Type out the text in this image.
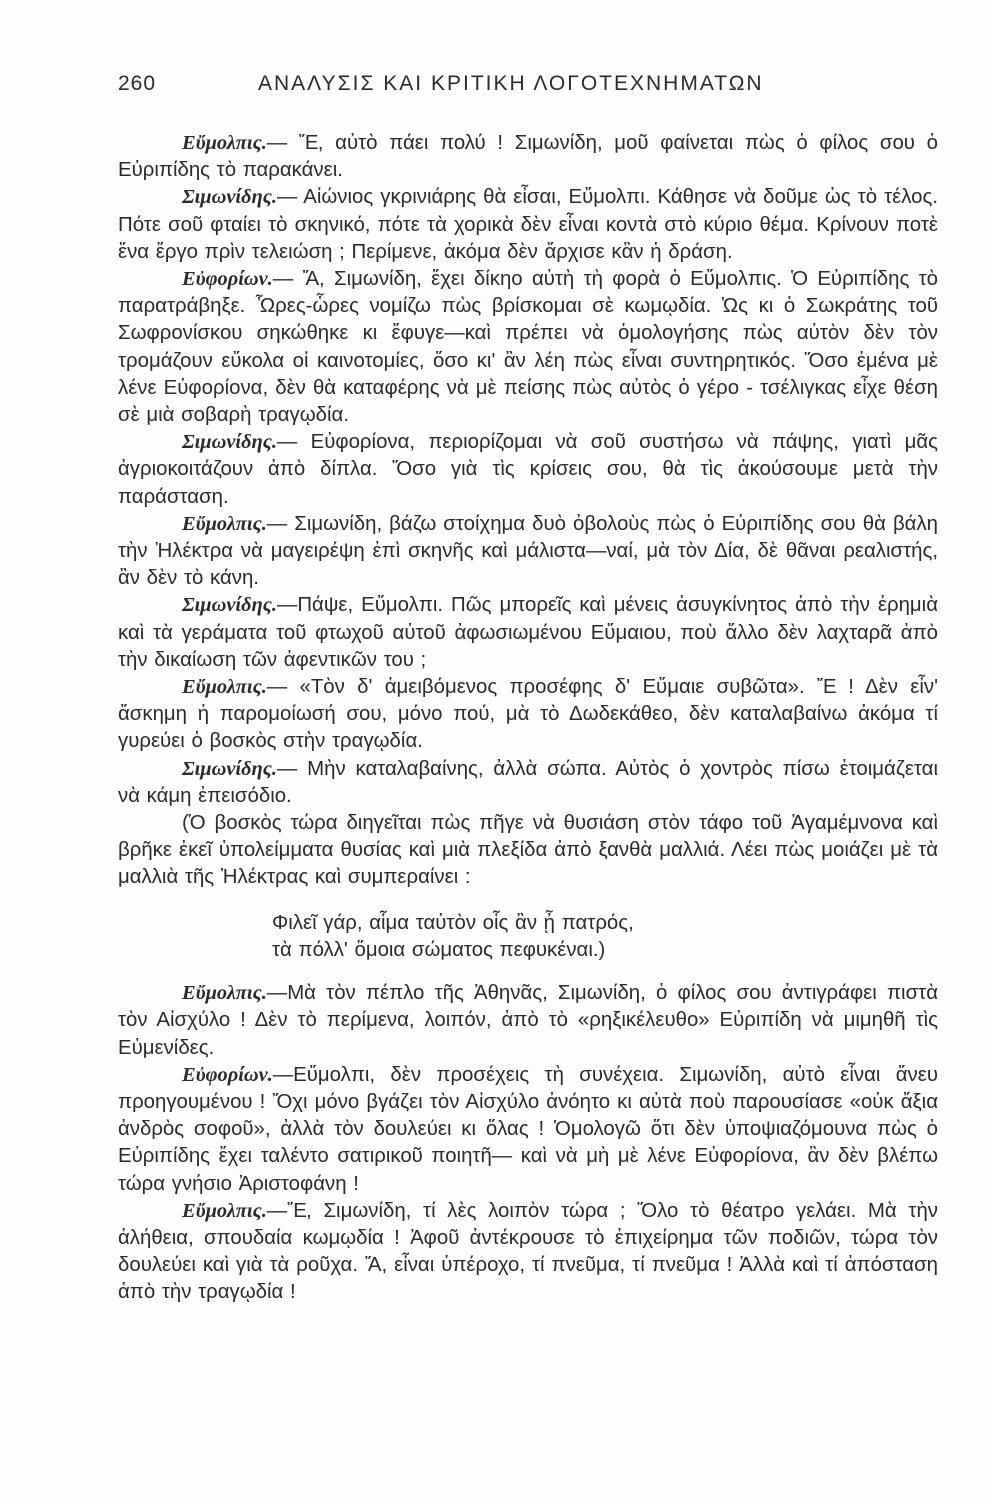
260	ΑΝΑΛΥΣΙΣ ΚΑΙ ΚΡΙΤΙΚΗ ΛΟΓΟΤΕΧΝΗΜΑΤΩΝ

Εὔμολπις.— Ἔ, αὐτὸ πάει πολύ ! Σιμωνίδη, μοῦ φαίνεται πὼς ὁ φίλος σου ὁ Εὐριπίδης τὸ παρακάνει.

Σιμωνίδης.— Αἰώνιος γκρινιάρης θὰ εἶσαι, Εὔμολπι. Κάθησε νὰ δοῦμε ὡς τὸ τέλος. Πότε σοῦ φταίει τὸ σκηνικό, πότε τὰ χορικὰ δὲν εἶναι κοντὰ στὸ κύριο θέμα. Κρίνουν ποτὲ ἕνα ἔργο πρὶν τελειώση ; Περίμενε, ἀκόμα δὲν ἄρχισε κἂν ἡ δράση.

Εὐφορίων.— Ἄ, Σιμωνίδη, ἔχει δίκηο αὐτὴ τὴ φορὰ ὁ Εὔμολπις. Ὁ Εὐριπίδης τὸ παρατράβηξε. Ὧρες-ὧρες νομίζω πὼς βρίσκομαι σὲ κωμῳδία. Ὡς κι ὁ Σωκράτης τοῦ Σωφρονίσκου σηκώθηκε κι ἔφυγε—καὶ πρέπει νὰ ὁμολογήσης πὼς αὐτὸν δὲν τὸν τρομάζουν εὔκολα οἱ καινοτομίες, ὅσο κι' ἂν λέη πὼς εἶναι συντηρητικός. Ὅσο ἐμένα μὲ λένε Εὐφορίονα, δὲν θὰ καταφέρης νὰ μὲ πείσης πὼς αὐτὸς ὁ γέρο - τσέλιγκας εἶχε θέση σὲ μιὰ σοβαρὴ τραγῳδία.

Σιμωνίδης.— Εὐφορίονα, περιορίζομαι νὰ σοῦ συστήσω νὰ πάψης, γιατὶ μᾶς ἀγριοκοιτάζουν ἀπὸ δίπλα. Ὅσο γιὰ τὶς κρίσεις σου, θὰ τὶς ἀκούσουμε μετὰ τὴν παράσταση.

Εὔμολπις.— Σιμωνίδη, βάζω στοίχημα δυὸ ὀβολοὺς πὼς ὁ Εὐριπίδης σου θὰ βάλη τὴν Ἠλέκτρα νὰ μαγειρέψη ἐπὶ σκηνῆς καὶ μάλιστα—ναί, μὰ τὸν Δία, δὲ θᾶναι ρεαλιστής, ἂν δὲν τὸ κάνη.

Σιμωνίδης.—Πάψε, Εὔμολπι. Πῶς μπορεῖς καὶ μένεις ἀσυγκίνητος ἀπὸ τὴν ἐρημιὰ καὶ τὰ γεράματα τοῦ φτωχοῦ αὐτοῦ ἀφωσιωμένου Εὔμαιου, ποὺ ἄλλο δὲν λαχταρᾶ ἀπὸ τὴν δικαίωση τῶν ἀφεντικῶν του ;

Εὔμολπις.— «Τὸν δ' ἀμειβόμενος προσέφης δ' Εὔμαιε συβῶτα». Ἔ ! Δὲν εἶν' ἄσκημη ἡ παρομοίωσή σου, μόνο πού, μὰ τὸ Δωδεκάθεο, δὲν καταλαβαίνω ἀκόμα τί γυρεύει ὁ βοσκὸς στὴν τραγῳδία.

Σιμωνίδης.— Μὴν καταλαβαίνης, ἀλλὰ σώπα. Αὐτὸς ὁ χοντρὸς πίσω ἑτοιμάζεται νὰ κάμη ἐπεισόδιο.

(Ὁ βοσκὸς τώρα διηγεῖται πὼς πῆγε νὰ θυσιάση στὸν τάφο τοῦ Ἀγαμέμνονα καὶ βρῆκε ἐκεῖ ὑπολείμματα θυσίας καὶ μιὰ πλεξίδα ἀπὸ ξανθὰ μαλλιά. Λέει πὼς μοιάζει μὲ τὰ μαλλιὰ τῆς Ἠλέκτρας καὶ συμπεραίνει :

Φιλεῖ γάρ, αἷμα ταὐτὸν οἷς ἂν ᾖ πατρός,
τὰ πόλλ' ὅμοια σώματος πεφυκέναι.)

Εὔμολπις.—Μὰ τὸν πέπλο τῆς Ἀθηνᾶς, Σιμωνίδη, ὁ φίλος σου ἀντιγράφει πιστὰ τὸν Αἰσχύλο ! Δὲν τὸ περίμενα, λοιπόν, ἀπὸ τὸ «ρηξικέλευθο» Εὐριπίδη νὰ μιμηθῆ τὶς Εὐμενίδες.

Εὐφορίων.—Εὔμολπι, δὲν προσέχεις τὴ συνέχεια. Σιμωνίδη, αὐτὸ εἶναι ἄνευ προηγουμένου ! Ὄχι μόνο βγάζει τὸν Αἰσχύλο ἀνόητο κι αὐτὰ ποὺ παρουσίασε «οὐκ ἄξια ἀνδρὸς σοφοῦ», ἀλλὰ τὸν δουλεύει κι ὅλας ! Ὁμολογῶ ὅτι δὲν ὑποψιαζόμουνα πὼς ὁ Εὐριπίδης ἔχει ταλέντο σατιρικοῦ ποιητῆ— καὶ νὰ μὴ μὲ λένε Εὐφορίονα, ἂν δὲν βλέπω τώρα γνήσιο Ἀριστοφάνη !

Εὔμολπις.—Ἔ, Σιμωνίδη, τί λὲς λοιπὸν τώρα ; Ὅλο τὸ θέατρο γελάει. Μὰ τὴν ἀλήθεια, σπουδαία κωμῳδία ! Ἀφοῦ ἀντέκρουσε τὸ ἐπιχείρημα τῶν ποδιῶν, τώρα τὸν δουλεύει καὶ γιὰ τὰ ροῦχα. Ἄ, εἶναι ὑπέροχο, τί πνεῦμα, τί πνεῦμα ! Ἀλλὰ καὶ τί ἀπόσταση ἀπὸ τὴν τραγῳδία !
